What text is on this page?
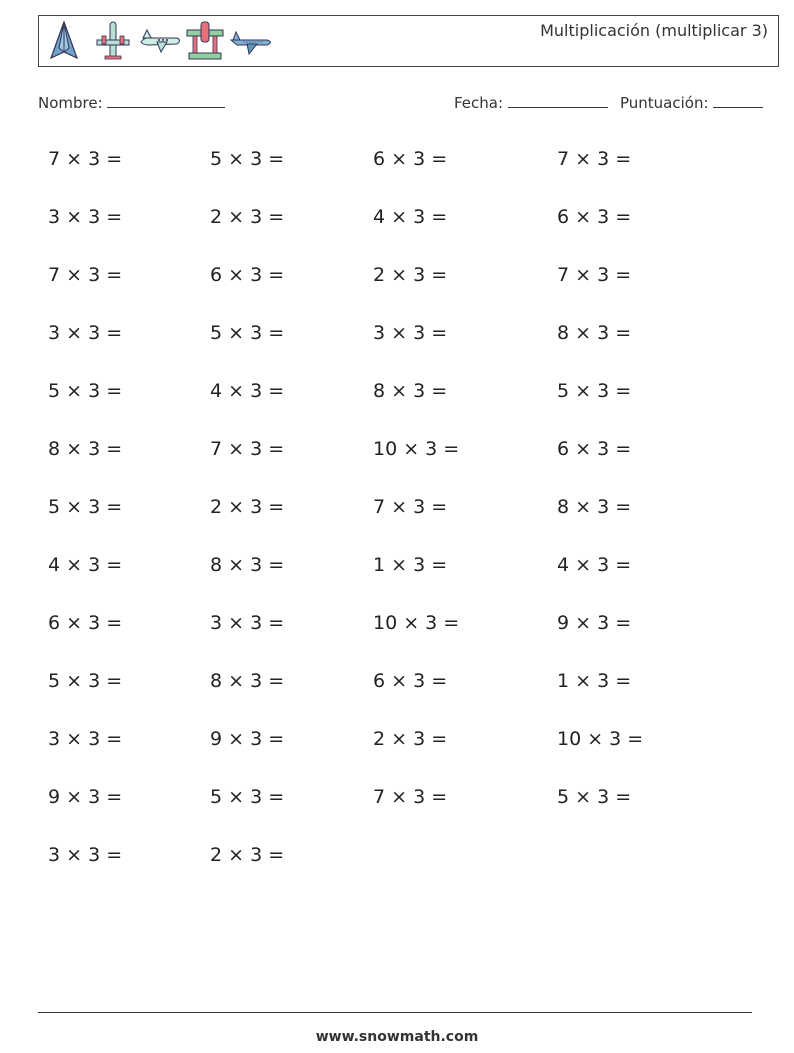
Multiplicación (multiplicar 3)
Nombre:	Fecha:	Puntuación:
7 × 3 =	5 × 3 =	6 × 3 =	7 × 3 =
3 × 3 =	2 × 3 =	4 × 3 =	6 × 3 =
7 × 3 =	6 × 3 =	2 × 3 =	7 × 3 =
3 × 3 =	5 × 3 =	3 × 3 =	8 × 3 =
5 × 3 =	4 × 3 =	8 × 3 =	5 × 3 =
8 × 3 =	7 × 3 =	10 × 3 =	6 × 3 =
5 × 3 =	2 × 3 =	7 × 3 =	8 × 3 =
4 × 3 =	8 × 3 =	1 × 3 =	4 × 3 =
6 × 3 =	3 × 3 =	10 × 3 =	9 × 3 =
5 × 3 =	8 × 3 =	6 × 3 =	1 × 3 =
3 × 3 =	9 × 3 =	2 × 3 =	10 × 3 =
9 × 3 =	5 × 3 =	7 × 3 =	5 × 3 =
3 × 3 =	2 × 3 =
www.snowmath.com
